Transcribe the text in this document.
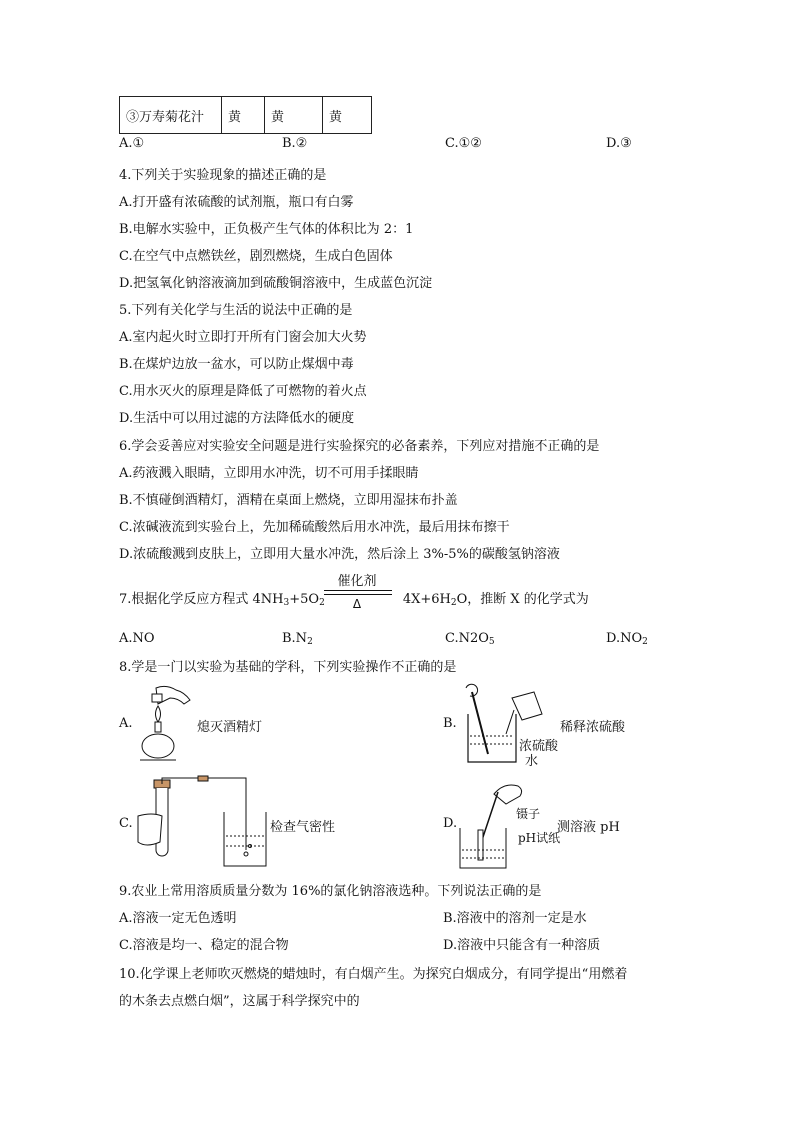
③万寿菊花汁	黄	黄	黄
A.①	B.②	C.①②	D.③
4.下列关于实验现象的描述正确的是
A.打开盛有浓硫酸的试剂瓶，瓶口有白雾
B.电解水实验中，正负极产生气体的体积比为 2：1
C.在空气中点燃铁丝，剧烈燃烧，生成白色固体
D.把氢氧化钠溶液滴加到硫酸铜溶液中，生成蓝色沉淀
5.下列有关化学与生活的说法中正确的是
A.室内起火时立即打开所有门窗会加大火势
B.在煤炉边放一盆水，可以防止煤烟中毒
C.用水灭火的原理是降低了可燃物的着火点
D.生活中可以用过滤的方法降低水的硬度
6.学会妥善应对实验安全问题是进行实验探究的必备素养，下列应对措施不正确的是
A.药液溅入眼睛，立即用水冲洗，切不可用手揉眼睛
B.不慎碰倒酒精灯，酒精在桌面上燃烧，立即用湿抹布扑盖
C.浓碱液流到实验台上，先加稀硫酸然后用水冲洗，最后用抹布擦干
D.浓硫酸溅到皮肤上，立即用大量水冲洗，然后涂上 3%-5%的碳酸氢钠溶液
7.根据化学反应方程式 $4NH_3+5O_2$	$4X+6H_2O$，推断 X 的化学式为
催化剂
Δ
A.NO	$B.N_2$	$C.N2O_5$	$D.NO_2$
8.学是一门以实验为基础的学科，下列实验操作不正确的是
A.	熄灭酒精灯	B.	稀释浓硫酸
浓硫酸
水
C.	检查气密性	D.	测溶液 pH
镊子
pH试纸
9.农业上常用溶质质量分数为 16%的氯化钠溶液选种。下列说法正确的是
A.溶液一定无色透明	B.溶液中的溶剂一定是水
C.溶液是均一、稳定的混合物	D.溶液中只能含有一种溶质
10.化学课上老师吹灭燃烧的蜡烛时，有白烟产生。为探究白烟成分，有同学提出“用燃着
的木条去点燃白烟”，这属于科学探究中的
